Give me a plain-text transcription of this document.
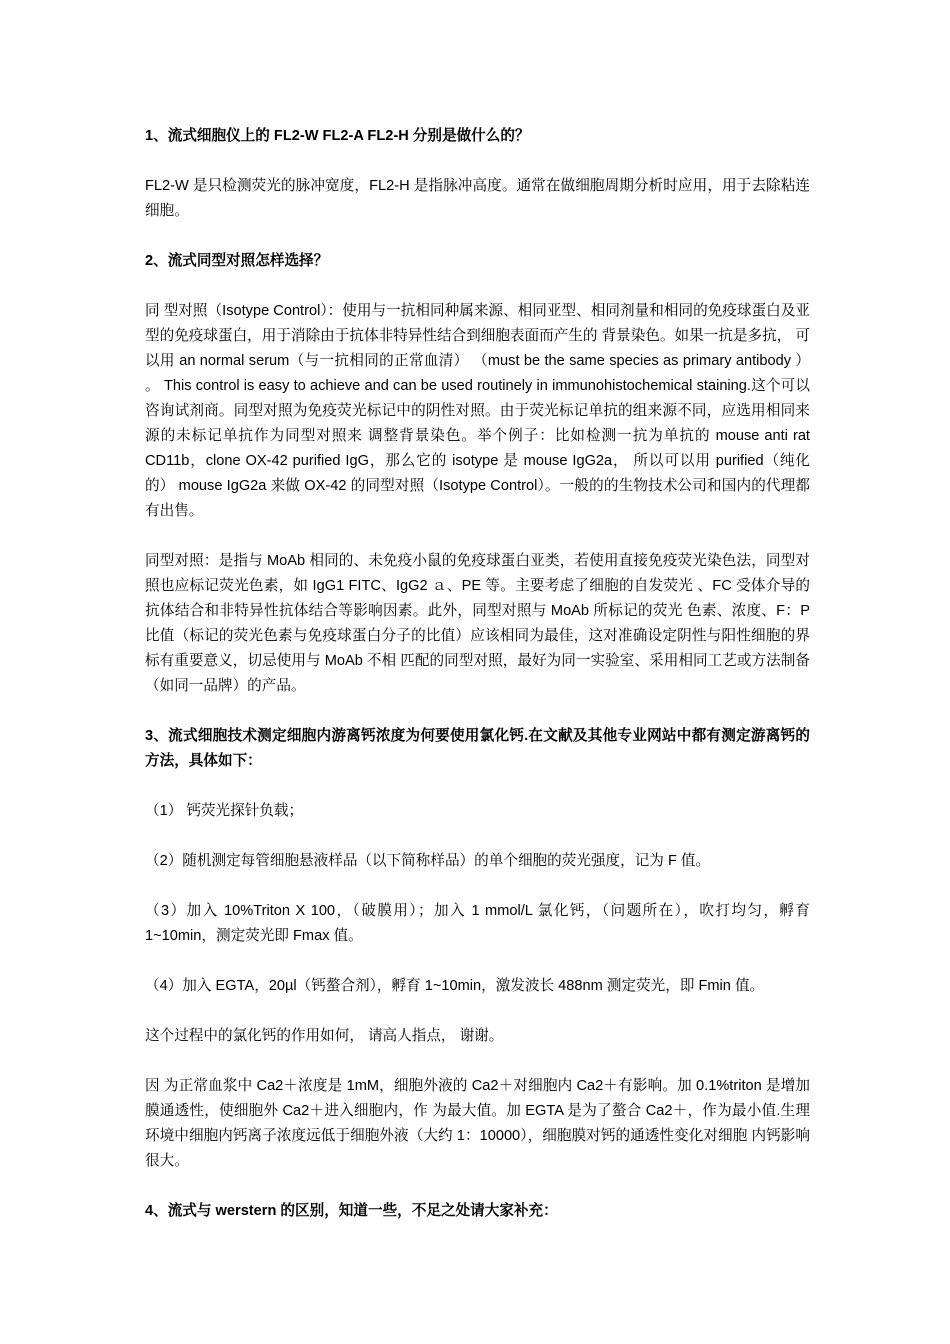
1、流式细胞仪上的 FL2-W FL2-A FL2-H 分别是做什么的？

FL2-W 是只检测荧光的脉冲宽度，FL2-H 是指脉冲高度。通常在做细胞周期分析时应用，用于去除粘连细胞。

2、流式同型对照怎样选择？

同 型对照（Isotype Control）：使用与一抗相同种属来源、相同亚型、相同剂量和相同的免疫球蛋白及亚型的免疫球蛋白，用于消除由于抗体非特异性结合到细胞表面而产生的 背景染色。如果一抗是多抗， 可以用 an normal serum（与一抗相同的正常血清） （must be the same species as primary antibody ） 。 This control is easy to achieve and can be used routinely in immunohistochemical staining.这个可以咨询试剂商。同型对照为免疫荧光标记中的阴性对照。由于荧光标记单抗的组来源不同，应选用相同来源的未标记单抗作为同型对照来 调整背景染色。举个例子：比如检测一抗为单抗的 mouse anti rat CD11b，clone OX-42 purified IgG，那么它的 isotype 是 mouse IgG2a， 所以可以用 purified（纯化的） mouse IgG2a 来做 OX-42 的同型对照（Isotype Control）。一般的的生物技术公司和国内的代理都有出售。

同型对照：是指与 MoAb 相同的、未免疫小鼠的免疫球蛋白亚类，若使用直接免疫荧光染色法，同型对照也应标记荧光色素，如 IgG1 FITC、IgG2 ａ、PE 等。主要考虑了细胞的自发荧光 、FC 受体介导的抗体结合和非特异性抗体结合等影响因素。此外，同型对照与 MoAb 所标记的荧光 色素、浓度、F：P 比值（标记的荧光色素与免疫球蛋白分子的比值）应该相同为最佳，这对准确设定阴性与阳性细胞的界标有重要意义，切忌使用与 MoAb 不相 匹配的同型对照，最好为同一实验室、采用相同工艺或方法制备（如同一品牌）的产品。

3、流式细胞技术测定细胞内游离钙浓度为何要使用氯化钙.在文献及其他专业网站中都有测定游离钙的方法，具体如下：

（1） 钙荧光探针负载；

（2）随机测定每管细胞悬液样品（以下简称样品）的单个细胞的荧光强度，记为 F 值。

（3）加入 10%Triton X 100，（破膜用）；加入 1 mmol/L 氯化钙，（问题所在），吹打均匀，孵育 1~10min，测定荧光即 Fmax 值。

（4）加入 EGTA，20µl（钙螯合剂），孵育 1~10min，激发波长 488nm 测定荧光，即 Fmin 值。

这个过程中的氯化钙的作用如何， 请高人指点， 谢谢。

因 为正常血浆中 Ca2＋浓度是 1mM，细胞外液的 Ca2＋对细胞内 Ca2＋有影响。加 0.1%triton 是增加膜通透性，使细胞外 Ca2＋进入细胞内，作 为最大值。加 EGTA 是为了螯合 Ca2＋，作为最小值.生理环境中细胞内钙离子浓度远低于细胞外液（大约 1：10000），细胞膜对钙的通透性变化对细胞 内钙影响很大。

4、流式与 werstern 的区别，知道一些，不足之处请大家补充：
